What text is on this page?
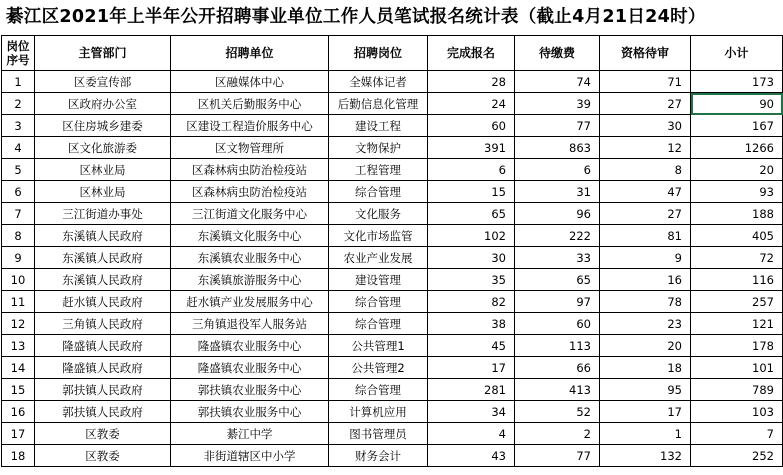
綦江区2021年上半年公开招聘事业单位工作人员笔试报名统计表（截止4月21日24时）
岗位序号	主管部门	招聘单位	招聘岗位	完成报名	待缴费	资格待审	小计
1	区委宣传部	区融媒体中心	全媒体记者	28	74	71	173
2	区政府办公室	区机关后勤服务中心	后勤信息化管理	24	39	27	90
3	区住房城乡建委	区建设工程造价服务中心	建设工程	60	77	30	167
4	区文化旅游委	区文物管理所	文物保护	391	863	12	1266
5	区林业局	区森林病虫防治检疫站	工程管理	6	6	8	20
6	区林业局	区森林病虫防治检疫站	综合管理	15	31	47	93
7	三江街道办事处	三江街道文化服务中心	文化服务	65	96	27	188
8	东溪镇人民政府	东溪镇文化服务中心	文化市场监管	102	222	81	405
9	东溪镇人民政府	东溪镇农业服务中心	农业产业发展	30	33	9	72
10	东溪镇人民政府	东溪镇旅游服务中心	建设管理	35	65	16	116
11	赶水镇人民政府	赶水镇产业发展服务中心	综合管理	82	97	78	257
12	三角镇人民政府	三角镇退役军人服务站	综合管理	38	60	23	121
13	隆盛镇人民政府	隆盛镇农业服务中心	公共管理1	45	113	20	178
14	隆盛镇人民政府	隆盛镇农业服务中心	公共管理2	17	66	18	101
15	郭扶镇人民政府	郭扶镇农业服务中心	综合管理	281	413	95	789
16	郭扶镇人民政府	郭扶镇农业服务中心	计算机应用	34	52	17	103
17	区教委	綦江中学	图书管理员	4	2	1	7
18	区教委	非街道辖区中小学	财务会计	43	77	132	252
